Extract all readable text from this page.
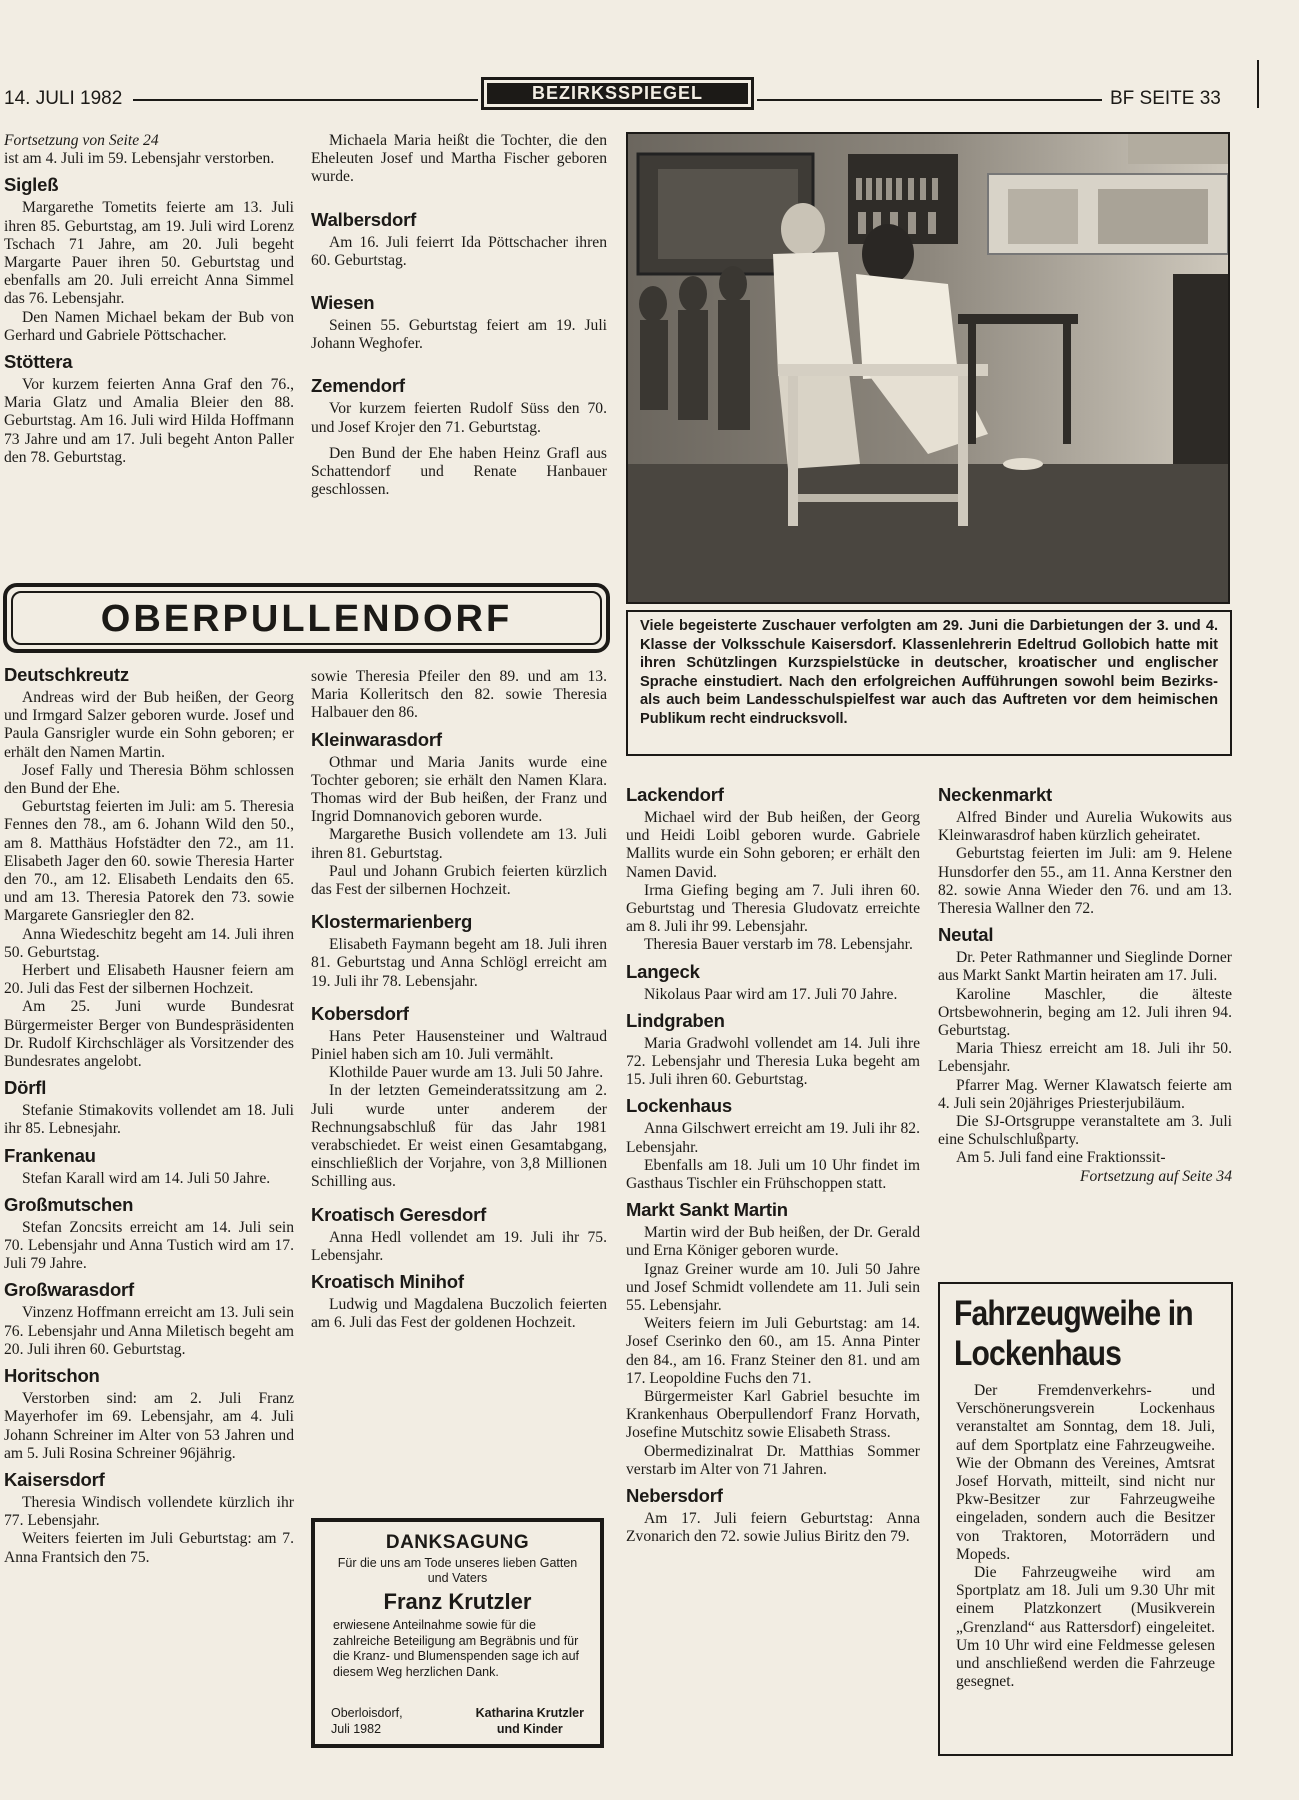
14. JULI 1982	BEZIRKSSPIEGEL	BF SEITE 33

Fortsetzung von Seite 24

ist am 4. Juli im 59. Lebensjahr verstorben.

Sigleß

Margarethe Tometits feierte am 13. Juli ihren 85. Geburtstag, am 19. Juli wird Lorenz Tschach 71 Jahre, am 20. Juli begeht Margarte Pauer ihren 50. Geburtstag und ebenfalls am 20. Juli erreicht Anna Simmel das 76. Lebensjahr.

Den Namen Michael bekam der Bub von Gerhard und Gabriele Pöttschacher.

Stöttera

Vor kurzem feierten Anna Graf den 76., Maria Glatz und Amalia Bleier den 88. Geburtstag. Am 16. Juli wird Hilda Hoffmann 73 Jahre und am 17. Juli begeht Anton Paller den 78. Geburtstag.

Michaela Maria heißt die Tochter, die den Eheleuten Josef und Martha Fischer geboren wurde.

Walbersdorf

Am 16. Juli feierrt Ida Pöttschacher ihren 60. Geburtstag.

Wiesen

Seinen 55. Geburtstag feiert am 19. Juli Johann Weghofer.

Zemendorf

Vor kurzem feierten Rudolf Süss den 70. und Josef Krojer den 71. Geburtstag.

Den Bund der Ehe haben Heinz Grafl aus Schattendorf und Renate Hanbauer geschlossen.

Viele begeisterte Zuschauer verfolgten am 29. Juni die Darbietungen der 3. und 4. Klasse der Volksschule Kaisersdorf. Klassenlehrerin Edeltrud Gollobich hatte mit ihren Schützlingen Kurzspielstücke in deutscher, kroatischer und englischer Sprache einstudiert. Nach den erfolgreichen Aufführungen sowohl beim Bezirks- als auch beim Landesschulspielfest war auch das Auftreten vor dem heimischen Publikum recht eindrucksvoll.
OBERPULLENDORF
Deutschkreutz

Andreas wird der Bub heißen, der Georg und Irmgard Salzer geboren wurde. Josef und Paula Gansrigler wurde ein Sohn geboren; er erhält den Namen Martin.

Josef Fally und Theresia Böhm schlossen den Bund der Ehe.

Geburtstag feierten im Juli: am 5. Theresia Fennes den 78., am 6. Johann Wild den 50., am 8. Matthäus Hofstädter den 72., am 11. Elisabeth Jager den 60. sowie Theresia Harter den 70., am 12. Elisabeth Lendaits den 65. und am 13. Theresia Patorek den 73. sowie Margarete Gansriegler den 82.

Anna Wiedeschitz begeht am 14. Juli ihren 50. Geburtstag.

Herbert und Elisabeth Hausner feiern am 20. Juli das Fest der silbernen Hochzeit.

Am 25. Juni wurde Bundesrat Bürgermeister Berger von Bundespräsidenten Dr. Rudolf Kirchschläger als Vorsitzender des Bundesrates angelobt.

Dörfl

Stefanie Stimakovits vollendet am 18. Juli ihr 85. Lebnesjahr.

Frankenau

Stefan Karall wird am 14. Juli 50 Jahre.

Großmutschen

Stefan Zoncsits erreicht am 14. Juli sein 70. Lebensjahr und Anna Tustich wird am 17. Juli 79 Jahre.

Großwarasdorf

Vinzenz Hoffmann erreicht am 13. Juli sein 76. Lebensjahr und Anna Miletisch begeht am 20. Juli ihren 60. Geburtstag.

Horitschon

Verstorben sind: am 2. Juli Franz Mayerhofer im 69. Lebensjahr, am 4. Juli Johann Schreiner im Alter von 53 Jahren und am 5. Juli Rosina Schreiner 96jährig.

Kaisersdorf

Theresia Windisch vollendete kürzlich ihr 77. Lebensjahr.

Weiters feierten im Juli Geburtstag: am 7. Anna Frantsich den 75.

sowie Theresia Pfeiler den 89. und am 13. Maria Kolleritsch den 82. sowie Theresia Halbauer den 86.

Kleinwarasdorf

Othmar und Maria Janits wurde eine Tochter geboren; sie erhält den Namen Klara. Thomas wird der Bub heißen, der Franz und Ingrid Domnanovich geboren wurde.

Margarethe Busich vollendete am 13. Juli ihren 81. Geburtstag.

Paul und Johann Grubich feierten kürzlich das Fest der silbernen Hochzeit.

Klostermarienberg

Elisabeth Faymann begeht am 18. Juli ihren 81. Geburtstag und Anna Schlögl erreicht am 19. Juli ihr 78. Lebensjahr.

Kobersdorf

Hans Peter Hausensteiner und Waltraud Piniel haben sich am 10. Juli vermählt.

Klothilde Pauer wurde am 13. Juli 50 Jahre.

In der letzten Gemeinderatssitzung am 2. Juli wurde unter anderem der Rechnungsabschluß für das Jahr 1981 verabschiedet. Er weist einen Gesamtabgang, einschließlich der Vorjahre, von 3,8 Millionen Schilling aus.

Kroatisch Geresdorf

Anna Hedl vollendet am 19. Juli ihr 75. Lebensjahr.

Kroatisch Minihof

Ludwig und Magdalena Buczolich feierten am 6. Juli das Fest der goldenen Hochzeit.

DANKSAGUNG
Für die uns am Tode unseres lieben Gatten und Vaters
Franz Krutzler
erwiesene Anteilnahme sowie für die zahlreiche Beteiligung am Begräbnis und für die Kranz- und Blumenspenden sage ich auf diesem Weg herzlichen Dank.
Oberloisdorf,
Juli 1982
Katharina Krutzler
und Kinder
Lackendorf

Michael wird der Bub heißen, der Georg und Heidi Loibl geboren wurde. Gabriele Mallits wurde ein Sohn geboren; er erhält den Namen David.

Irma Giefing beging am 7. Juli ihren 60. Geburtstag und Theresia Gludovatz erreichte am 8. Juli ihr 99. Lebensjahr.

Theresia Bauer verstarb im 78. Lebensjahr.

Langeck

Nikolaus Paar wird am 17. Juli 70 Jahre.

Lindgraben

Maria Gradwohl vollendet am 14. Juli ihre 72. Lebensjahr und Theresia Luka begeht am 15. Juli ihren 60. Geburtstag.

Lockenhaus

Anna Gilschwert erreicht am 19. Juli ihr 82. Lebensjahr.

Ebenfalls am 18. Juli um 10 Uhr findet im Gasthaus Tischler ein Frühschoppen statt.

Markt Sankt Martin

Martin wird der Bub heißen, der Dr. Gerald und Erna Königer geboren wurde.

Ignaz Greiner wurde am 10. Juli 50 Jahre und Josef Schmidt vollendete am 11. Juli sein 55. Lebensjahr.

Weiters feiern im Juli Geburtstag: am 14. Josef Cserinko den 60., am 15. Anna Pinter den 84., am 16. Franz Steiner den 81. und am 17. Leopoldine Fuchs den 71.

Bürgermeister Karl Gabriel besuchte im Krankenhaus Oberpullendorf Franz Horvath, Josefine Mutschitz sowie Elisabeth Strass.

Obermedizinalrat Dr. Matthias Sommer verstarb im Alter von 71 Jahren.

Nebersdorf

Am 17. Juli feiern Geburtstag: Anna Zvonarich den 72. sowie Julius Biritz den 79.

Neckenmarkt

Alfred Binder und Aurelia Wukowits aus Kleinwarasdrof haben kürzlich geheiratet.

Geburtstag feierten im Juli: am 9. Helene Hunsdorfer den 55., am 11. Anna Kerstner den 82. sowie Anna Wieder den 76. und am 13. Theresia Wallner den 72.

Neutal

Dr. Peter Rathmanner und Sieglinde Dorner aus Markt Sankt Martin heiraten am 17. Juli.

Karoline Maschler, die älteste Ortsbewohnerin, beging am 12. Juli ihren 94. Geburtstag.

Maria Thiesz erreicht am 18. Juli ihr 50. Lebensjahr.

Pfarrer Mag. Werner Klawatsch feierte am 4. Juli sein 20jähriges Priesterjubiläum.

Die SJ-Ortsgruppe veranstaltete am 3. Juli eine Schulschlußparty.

Am 5. Juli fand eine Fraktionssit-

Fortsetzung auf Seite 34

Fahrzeugweihe in Lockenhaus

Der Fremdenverkehrs- und Verschönerungsverein Lockenhaus veranstaltet am Sonntag, dem 18. Juli, auf dem Sportplatz eine Fahrzeugweihe. Wie der Obmann des Vereines, Amtsrat Josef Horvath, mitteilt, sind nicht nur Pkw-Besitzer zur Fahrzeugweihe eingeladen, sondern auch die Besitzer von Traktoren, Motorrädern und Mopeds.

Die Fahrzeugweihe wird am Sportplatz am 18. Juli um 9.30 Uhr mit einem Platzkonzert (Musikverein „Grenzland“ aus Rattersdorf) eingeleitet. Um 10 Uhr wird eine Feldmesse gelesen und anschließend werden die Fahrzeuge gesegnet.
